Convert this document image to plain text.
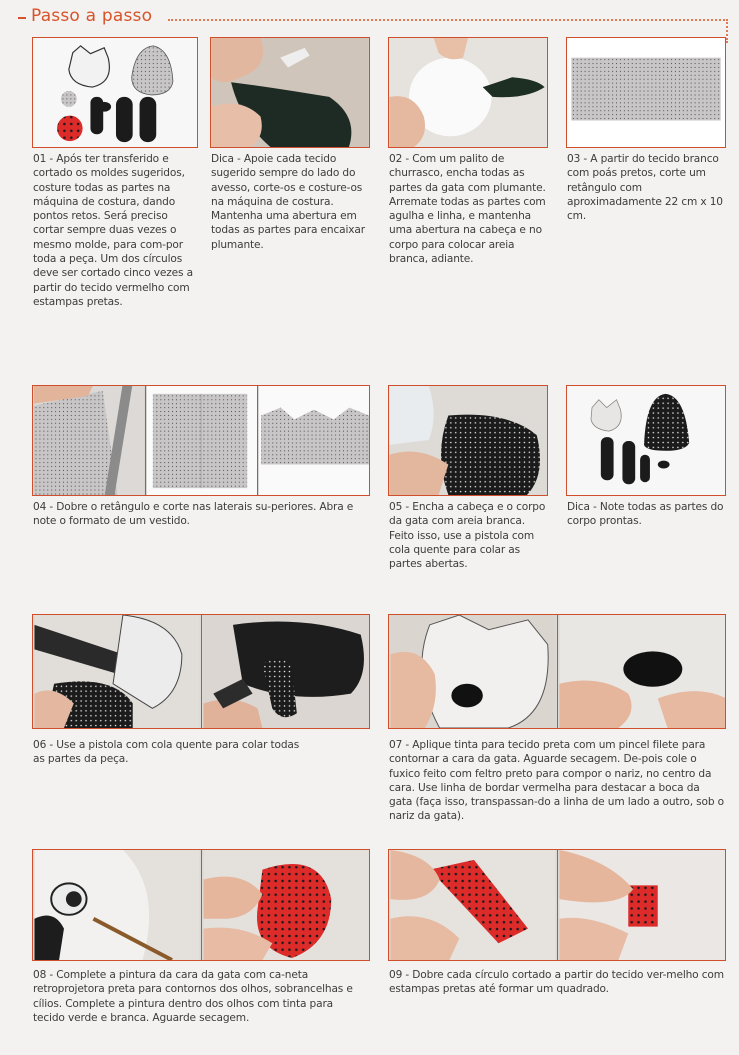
Passo a passo

01 - Após ter transferido e cortado os moldes sugeridos, costure todas as partes na máquina de costura, dando pontos retos. Será preciso cortar sempre duas vezes o mesmo molde, para com-por toda a peça. Um dos círculos deve ser cortado cinco vezes a partir do tecido vermelho com estampas pretas.

Dica - Apoie cada tecido sugerido sempre do lado do avesso, corte-os e costure-os na máquina de costura. Mantenha uma abertura em todas as partes para encaixar plumante.

02 - Com um palito de churrasco, encha todas as partes da gata com plumante. Arremate todas as partes com agulha e linha, e mantenha uma abertura na cabeça e no corpo para colocar areia branca, adiante.

03 - A partir do tecido branco com poás pretos, corte um retângulo com aproximadamente 22 cm x 10 cm.

04 - Dobre o retângulo e corte nas laterais su-periores. Abra e note o formato de um vestido.

05 - Encha a cabeça e o corpo da gata com areia branca. Feito isso, use a pistola com cola quente para colar as partes abertas.

Dica - Note todas as partes do corpo prontas.

06 - Use a pistola com cola quente para colar todas as partes da peça.

07 - Aplique tinta para tecido preta com um pincel filete para contornar a cara da gata. Aguarde secagem. De-pois cole o fuxico feito com feltro preto para compor o nariz, no centro da cara. Use linha de bordar vermelha para destacar a boca da gata (faça isso, transpassan-do a linha de um lado a outro, sob o nariz da gata).

08 - Complete a pintura da cara da gata com ca-neta retroprojetora preta para contornos dos olhos, sobrancelhas e cílios. Complete a pintura dentro dos olhos com tinta para tecido verde e branca. Aguarde secagem.

09 - Dobre cada círculo cortado a partir do tecido ver-melho com estampas pretas até formar um quadrado.
